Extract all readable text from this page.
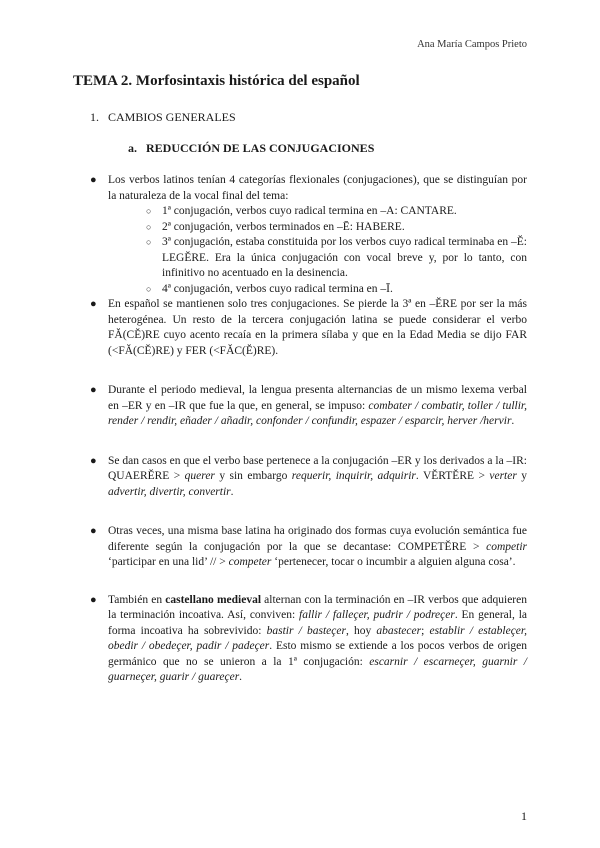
Ana María Campos Prieto
TEMA 2. Morfosintaxis histórica del español

1. CAMBIOS GENERALES

a. REDUCCIÓN DE LAS CONJUGACIONES

● Los verbos latinos tenían 4 categorías flexionales (conjugaciones), que se distinguían por la naturaleza de la vocal final del tema:
○ 1ª conjugación, verbos cuyo radical termina en –A: CANTARE.
○ 2ª conjugación, verbos terminados en –Ē: HABERE.
○ 3ª conjugación, estaba constituida por los verbos cuyo radical terminaba en –Ĕ: LEGĔRE. Era la única conjugación con vocal breve y, por lo tanto, con infinitivo no acentuado en la desinencia.
○ 4ª conjugación, verbos cuyo radical termina en –Ī.
● En español se mantienen solo tres conjugaciones. Se pierde la 3ª en –ĔRE por ser la más heterogénea. Un resto de la tercera conjugación latina se puede considerar el verbo FĂ(CĔ)RE cuyo acento recaía en la primera sílaba y que en la Edad Media se dijo FAR (<FĂ(CĔ)RE) y FER (<FĂC(Ĕ)RE).
● Durante el periodo medieval, la lengua presenta alternancias de un mismo lexema verbal en –ER y en –IR que fue la que, en general, se impuso: combater / combatir, toller / tullir, render / rendir, eñader / añadir, confonder / confundir, espazer / esparcir, herver /hervir.
● Se dan casos en que el verbo base pertenece a la conjugación –ER y los derivados a la –IR: QUAERĔRE > querer y sin embargo requerir, inquirir, adquirir. VĔRTĔRE > verter y advertir, divertir, convertir.
● Otras veces, una misma base latina ha originado dos formas cuya evolución semántica fue diferente según la conjugación por la que se decantase: COMPETĔRE > competir ‘participar en una lid’ // > competer ‘pertenecer, tocar o incumbir a alguien alguna cosa’.
● También en castellano medieval alternan con la terminación en –IR verbos que adquieren la terminación incoativa. Así, conviven: fallir / falleçer, pudrir / podreçer. En general, la forma incoativa ha sobrevivido: bastir / basteçer, hoy abastecer; establir / estableçer, obedir / obedeçer, padir / padeçer. Esto mismo se extiende a los pocos verbos de origen germánico que no se unieron a la 1ª conjugación: escarnir / escarneçer, guarnir / guarneçer, guarir / guareçer.
1
